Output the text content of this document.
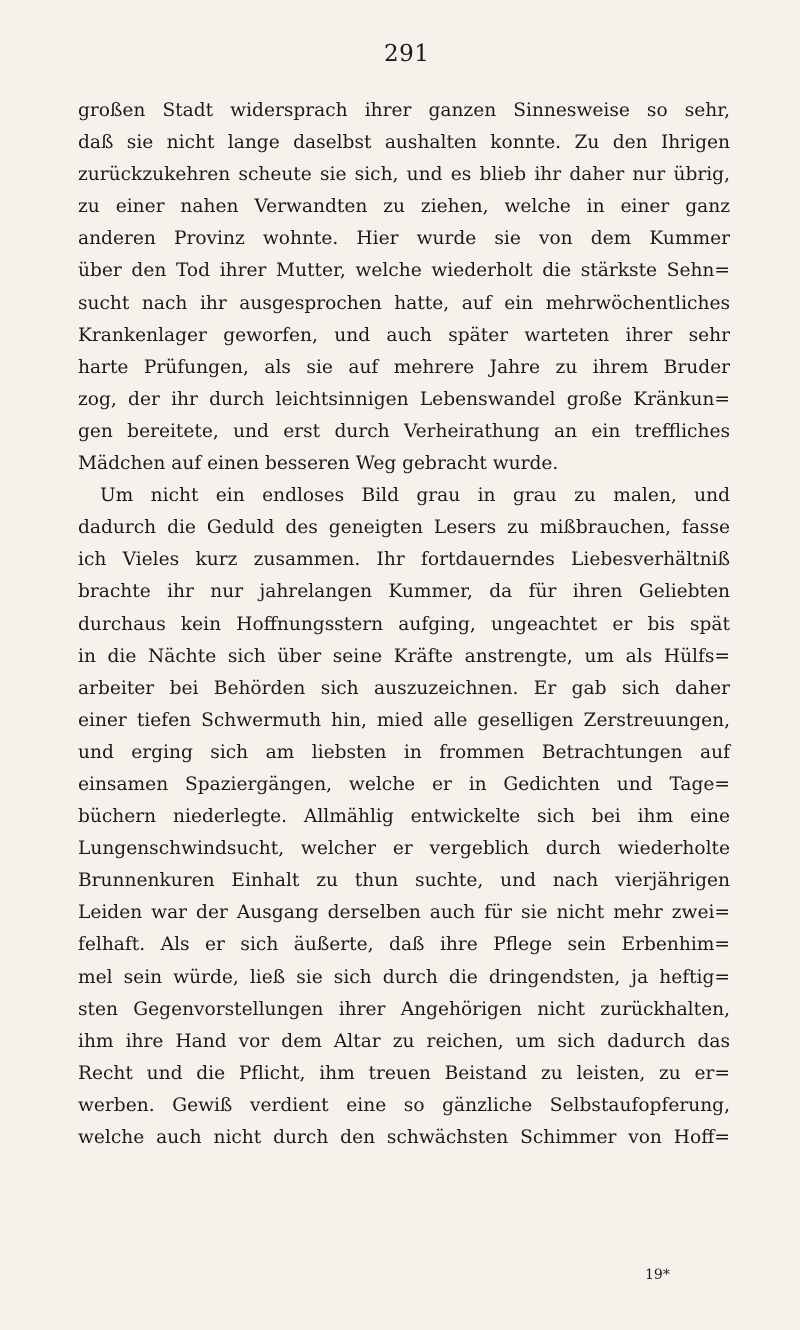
291
großen Stadt widersprach ihrer ganzen Sinnesweise so sehr,
daß sie nicht lange daselbst aushalten konnte. Zu den Ihrigen
zurückzukehren scheute sie sich, und es blieb ihr daher nur übrig,
zu einer nahen Verwandten zu ziehen, welche in einer ganz
anderen Provinz wohnte. Hier wurde sie von dem Kummer
über den Tod ihrer Mutter, welche wiederholt die stärkste Sehn=
sucht nach ihr ausgesprochen hatte, auf ein mehrwöchentliches
Krankenlager geworfen, und auch später warteten ihrer sehr
harte Prüfungen, als sie auf mehrere Jahre zu ihrem Bruder
zog, der ihr durch leichtsinnigen Lebenswandel große Kränkun=
gen bereitete, und erst durch Verheirathung an ein treffliches
Mädchen auf einen besseren Weg gebracht wurde.
Um nicht ein endloses Bild grau in grau zu malen, und
dadurch die Geduld des geneigten Lesers zu mißbrauchen, fasse
ich Vieles kurz zusammen. Ihr fortdauerndes Liebesverhältniß
brachte ihr nur jahrelangen Kummer, da für ihren Geliebten
durchaus kein Hoffnungsstern aufging, ungeachtet er bis spät
in die Nächte sich über seine Kräfte anstrengte, um als Hülfs=
arbeiter bei Behörden sich auszuzeichnen. Er gab sich daher
einer tiefen Schwermuth hin, mied alle geselligen Zerstreuungen,
und erging sich am liebsten in frommen Betrachtungen auf
einsamen Spaziergängen, welche er in Gedichten und Tage=
büchern niederlegte. Allmählig entwickelte sich bei ihm eine
Lungenschwindsucht, welcher er vergeblich durch wiederholte
Brunnenkuren Einhalt zu thun suchte, und nach vierjährigen
Leiden war der Ausgang derselben auch für sie nicht mehr zwei=
felhaft. Als er sich äußerte, daß ihre Pflege sein Erbenhim=
mel sein würde, ließ sie sich durch die dringendsten, ja heftig=
sten Gegenvorstellungen ihrer Angehörigen nicht zurückhalten,
ihm ihre Hand vor dem Altar zu reichen, um sich dadurch das
Recht und die Pflicht, ihm treuen Beistand zu leisten, zu er=
werben. Gewiß verdient eine so gänzliche Selbstaufopferung,
welche auch nicht durch den schwächsten Schimmer von Hoff=
19*
